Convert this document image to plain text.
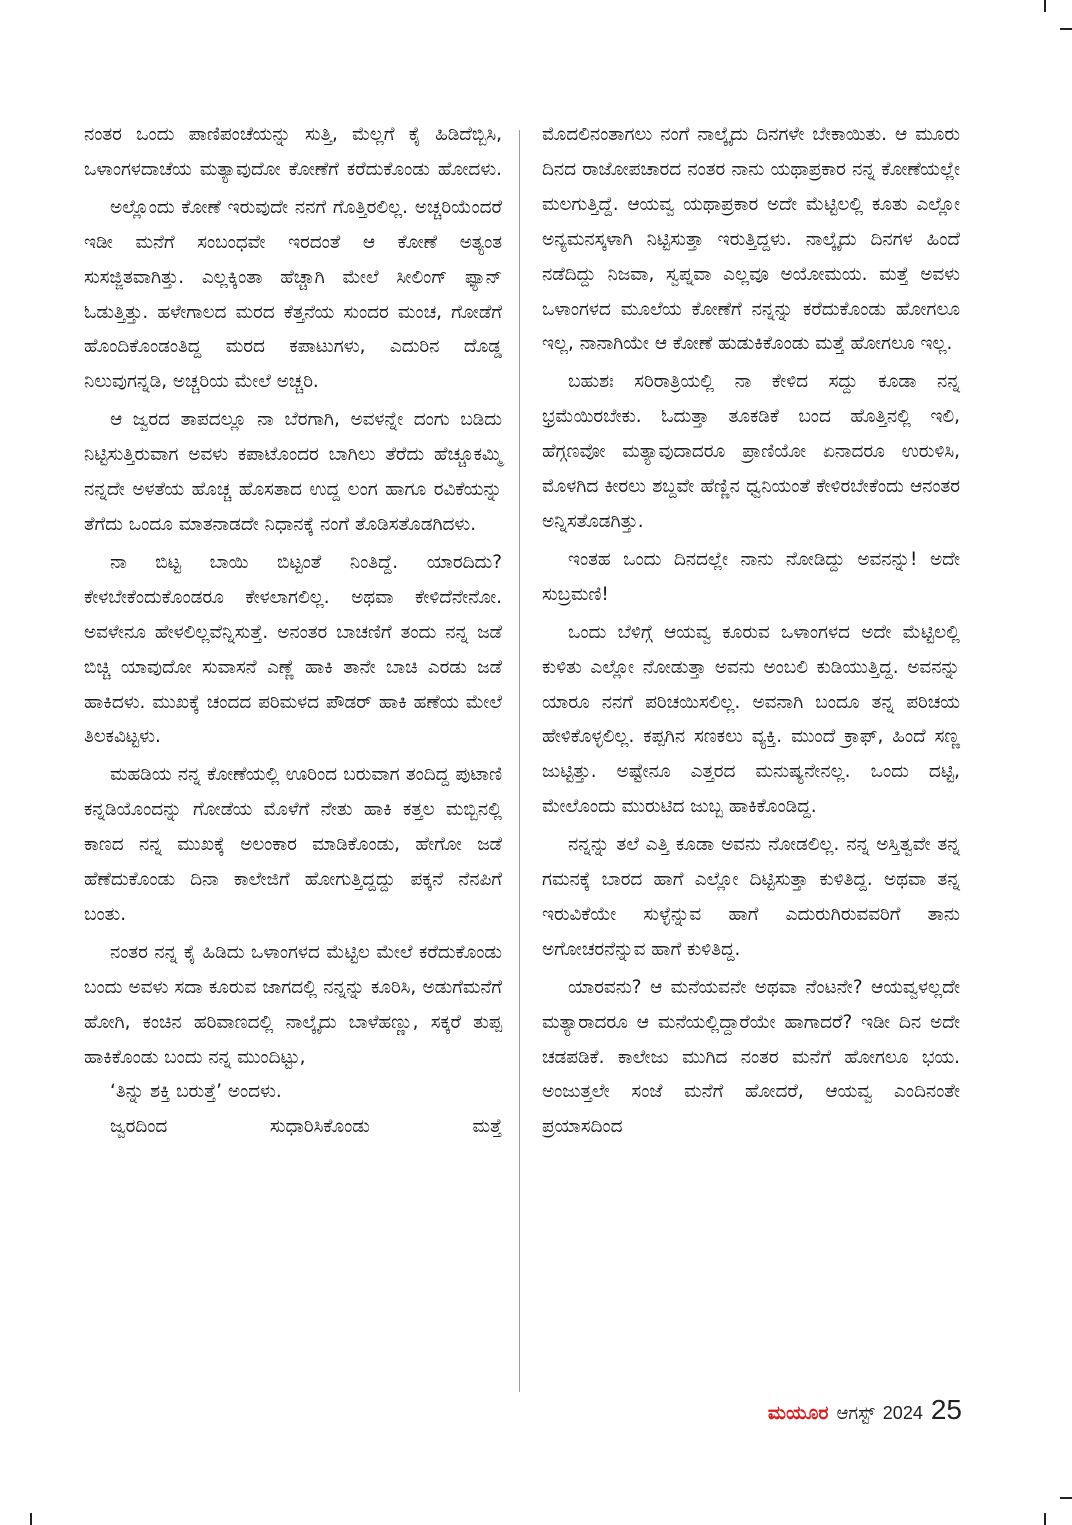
ನಂತರ ಒಂದು ಪಾಣಿಪಂಚೆಯನ್ನು ಸುತ್ತಿ, ಮೆಲ್ಲಗೆ ಕೈ ಹಿಡಿದೆಬ್ಬಿಸಿ, ಒಳಾಂಗಳದಾಚೆಯ ಮತ್ಯಾವುದೋ ಕೋಣೆಗೆ ಕರೆದುಕೊಂಡು ಹೋದಳು.

ಅಲ್ಲೊಂದು ಕೋಣೆ ಇರುವುದೇ ನನಗೆ ಗೊತ್ತಿರಲಿಲ್ಲ. ಅಚ್ಚರಿಯೆಂದರೆ ಇಡೀ ಮನೆಗೆ ಸಂಬಂಧವೇ ಇರದಂತೆ ಆ ಕೋಣೆ ಅತ್ಯಂತ ಸುಸಜ್ಜಿತವಾಗಿತ್ತು. ಎಲ್ಲಕ್ಕಿಂತಾ ಹೆಚ್ಚಾಗಿ ಮೇಲೆ ಸೀಲಿಂಗ್ ಫ್ಯಾನ್ ಓಡುತ್ತಿತ್ತು. ಹಳೇಗಾಲದ ಮರದ ಕೆತ್ತನೆಯ ಸುಂದರ ಮಂಚ, ಗೋಡೆಗೆ ಹೊಂದಿಕೊಂಡಂತಿದ್ದ ಮರದ ಕಪಾಟುಗಳು, ಎದುರಿನ ದೊಡ್ಡ ನಿಲುವುಗನ್ನಡಿ, ಅಚ್ಚರಿಯ ಮೇಲೆ ಅಚ್ಚರಿ.

ಆ ಜ್ವರದ ತಾಪದಲ್ಲೂ ನಾ ಬೆರಗಾಗಿ, ಅವಳನ್ನೇ ದಂಗು ಬಡಿದು ನಿಟ್ಟಿಸುತ್ತಿರುವಾಗ ಅವಳು ಕಪಾಟೊಂದರ ಬಾಗಿಲು ತೆರೆದು ಹೆಚ್ಚೂಕಮ್ಮಿ ನನ್ನದೇ ಅಳತೆಯ ಹೊಚ್ಚ ಹೊಸತಾದ ಉದ್ದ ಲಂಗ ಹಾಗೂ ರವಿಕೆಯನ್ನು ತೆಗೆದು ಒಂದೂ ಮಾತನಾಡದೇ ನಿಧಾನಕ್ಕೆ ನಂಗೆ ತೊಡಿಸತೊಡಗಿದಳು.

ನಾ ಬಿಟ್ಟ ಬಾಯಿ ಬಿಟ್ಟಂತೆ ನಿಂತಿದ್ದೆ. ಯಾರದಿದು? ಕೇಳಬೇಕೆಂದುಕೊಂಡರೂ ಕೇಳಲಾಗಲಿಲ್ಲ. ಅಥವಾ ಕೇಳಿದೆನೇನೋ. ಅವಳೇನೂ ಹೇಳಲಿಲ್ಲವೆನ್ನಿಸುತ್ತೆ. ಅನಂತರ ಬಾಚಣಿಗೆ ತಂದು ನನ್ನ ಜಡೆ ಬಿಚ್ಚಿ ಯಾವುದೋ ಸುವಾಸನೆ ಎಣ್ಣೆ ಹಾಕಿ ತಾನೇ ಬಾಚಿ ಎರಡು ಜಡೆ ಹಾಕಿದಳು. ಮುಖಕ್ಕೆ ಚಂದದ ಪರಿಮಳದ ಪೌಡರ್ ಹಾಕಿ ಹಣೆಯ ಮೇಲೆ ತಿಲಕವಿಟ್ಟಳು.

ಮಹಡಿಯ ನನ್ನ ಕೋಣೆಯಲ್ಲಿ ಊರಿಂದ ಬರುವಾಗ ತಂದಿದ್ದ ಪುಟಾಣಿ ಕನ್ನಡಿಯೊಂದನ್ನು ಗೋಡೆಯ ಮೊಳೆಗೆ ನೇತು ಹಾಕಿ ಕತ್ತಲ ಮಬ್ಬಿನಲ್ಲಿ ಕಾಣದ ನನ್ನ ಮುಖಕ್ಕೆ ಅಲಂಕಾರ ಮಾಡಿಕೊಂಡು, ಹೇಗೋ ಜಡೆ ಹೆಣೆದುಕೊಂಡು ದಿನಾ ಕಾಲೇಜಿಗೆ ಹೋಗುತ್ತಿದ್ದದ್ದು ಪಕ್ಕನೆ ನೆನಪಿಗೆ ಬಂತು.

ನಂತರ ನನ್ನ ಕೈ ಹಿಡಿದು ಒಳಾಂಗಳದ ಮೆಟ್ಟಿಲ ಮೇಲೆ ಕರೆದುಕೊಂಡು ಬಂದು ಅವಳು ಸದಾ ಕೂರುವ ಜಾಗದಲ್ಲಿ ನನ್ನನ್ನು ಕೂರಿಸಿ, ಅಡುಗೆಮನೆಗೆ ಹೋಗಿ, ಕಂಚಿನ ಹರಿವಾಣದಲ್ಲಿ ನಾಲ್ಕೈದು ಬಾಳೆಹಣ್ಣು, ಸಕ್ಕರೆ ತುಪ್ಪ ಹಾಕಿಕೊಂಡು ಬಂದು ನನ್ನ ಮುಂದಿಟ್ಟು,

‘ತಿನ್ನು ಶಕ್ತಿ ಬರುತ್ತೆ’ ಅಂದಳು.

ಜ್ವರದಿಂದ ಸುಧಾರಿಸಿಕೊಂಡು ಮತ್ತೆ

ಮೊದಲಿನಂತಾಗಲು ನಂಗೆ ನಾಲ್ಕೈದು ದಿನಗಳೇ ಬೇಕಾಯಿತು. ಆ ಮೂರು ದಿನದ ರಾಜೋಪಚಾರದ ನಂತರ ನಾನು ಯಥಾಪ್ರಕಾರ ನನ್ನ ಕೋಣೆಯಲ್ಲೇ ಮಲಗುತ್ತಿದ್ದೆ. ಆಯವ್ವ ಯಥಾಪ್ರಕಾರ ಅದೇ ಮೆಟ್ಟಿಲಲ್ಲಿ ಕೂತು ಎಲ್ಲೋ ಅನ್ಯಮನಸ್ಕಳಾಗಿ ನಿಟ್ಟಿಸುತ್ತಾ ಇರುತ್ತಿದ್ದಳು. ನಾಲ್ಕೈದು ದಿನಗಳ ಹಿಂದೆ ನಡೆದಿದ್ದು ನಿಜವಾ, ಸ್ವಪ್ನವಾ ಎಲ್ಲವೂ ಅಯೋಮಯ. ಮತ್ತೆ ಅವಳು ಒಳಾಂಗಳದ ಮೂಲೆಯ ಕೋಣೆಗೆ ನನ್ನನ್ನು ಕರೆದುಕೊಂಡು ಹೋಗಲೂ ಇಲ್ಲ, ನಾನಾಗಿಯೇ ಆ ಕೋಣೆ ಹುಡುಕಿಕೊಂಡು ಮತ್ತೆ ಹೋಗಲೂ ಇಲ್ಲ.

ಬಹುಶಃ ಸರಿರಾತ್ರಿಯಲ್ಲಿ ನಾ ಕೇಳಿದ ಸದ್ದು ಕೂಡಾ ನನ್ನ ಭ್ರಮೆಯಿರಬೇಕು. ಓದುತ್ತಾ ತೂಕಡಿಕೆ ಬಂದ ಹೊತ್ತಿನಲ್ಲಿ ಇಲಿ, ಹೆಗ್ಗಣವೋ ಮತ್ಯಾವುದಾದರೂ ಪ್ರಾಣಿಯೋ ಏನಾದರೂ ಉರುಳಿಸಿ, ಮೊಳಗಿದ ಕೀರಲು ಶಬ್ದವೇ ಹೆಣ್ಣಿನ ಧ್ವನಿಯಂತೆ ಕೇಳಿರಬೇಕೆಂದು ಆನಂತರ ಅನ್ನಿಸತೊಡಗಿತ್ತು.

ಇಂತಹ ಒಂದು ದಿನದಲ್ಲೇ ನಾನು ನೋಡಿದ್ದು ಅವನನ್ನು! ಅದೇ ಸುಬ್ರಮಣಿ!

ಒಂದು ಬೆಳಿಗ್ಗೆ ಆಯವ್ವ ಕೂರುವ ಒಳಾಂಗಳದ ಅದೇ ಮೆಟ್ಟಿಲಲ್ಲಿ ಕುಳಿತು ಎಲ್ಲೋ ನೋಡುತ್ತಾ ಅವನು ಅಂಬಲಿ ಕುಡಿಯುತ್ತಿದ್ದ. ಅವನನ್ನು ಯಾರೂ ನನಗೆ ಪರಿಚಯಿಸಲಿಲ್ಲ. ಅವನಾಗಿ ಬಂದೂ ತನ್ನ ಪರಿಚಯ ಹೇಳಿಕೊಳ್ಳಲಿಲ್ಲ. ಕಪ್ಪಗಿನ ಸಣಕಲು ವ್ಯಕ್ತಿ. ಮುಂದೆ ಕ್ರಾಫ್, ಹಿಂದೆ ಸಣ್ಣ ಜುಟ್ಟಿತ್ತು. ಅಷ್ಟೇನೂ ಎತ್ತರದ ಮನುಷ್ಯನೇನಲ್ಲ. ಒಂದು ದಟ್ಟಿ, ಮೇಲೊಂದು ಮುರುಟಿದ ಜುಬ್ಬ ಹಾಕಿಕೊಂಡಿದ್ದ.

ನನ್ನನ್ನು ತಲೆ ಎತ್ತಿ ಕೂಡಾ ಅವನು ನೋಡಲಿಲ್ಲ. ನನ್ನ ಅಸ್ತಿತ್ವವೇ ತನ್ನ ಗಮನಕ್ಕೆ ಬಾರದ ಹಾಗೆ ಎಲ್ಲೋ ದಿಟ್ಟಿಸುತ್ತಾ ಕುಳಿತಿದ್ದ. ಅಥವಾ ತನ್ನ ಇರುವಿಕೆಯೇ ಸುಳ್ಳೆನ್ನುವ ಹಾಗೆ ಎದುರುಗಿರುವವರಿಗೆ ತಾನು ಅಗೋಚರನೆನ್ನುವ ಹಾಗೆ ಕುಳಿತಿದ್ದ.

ಯಾರವನು? ಆ ಮನೆಯವನೇ ಅಥವಾ ನೆಂಟನೇ? ಆಯವ್ವಳಲ್ಲದೇ ಮತ್ಯಾರಾದರೂ ಆ ಮನೆಯಲ್ಲಿದ್ದಾರೆಯೇ ಹಾಗಾದರೆ? ಇಡೀ ದಿನ ಅದೇ ಚಡಪಡಿಕೆ. ಕಾಲೇಜು ಮುಗಿದ ನಂತರ ಮನೆಗೆ ಹೋಗಲೂ ಭಯ. ಅಂಜುತ್ತಲೇ ಸಂಜೆ ಮನೆಗೆ ಹೋದರೆ, ಆಯವ್ವ ಎಂದಿನಂತೇ ಪ್ರಯಾಸದಿಂದ

ಮಯೂರ ಆಗಸ್ಟ್ 2024 25
